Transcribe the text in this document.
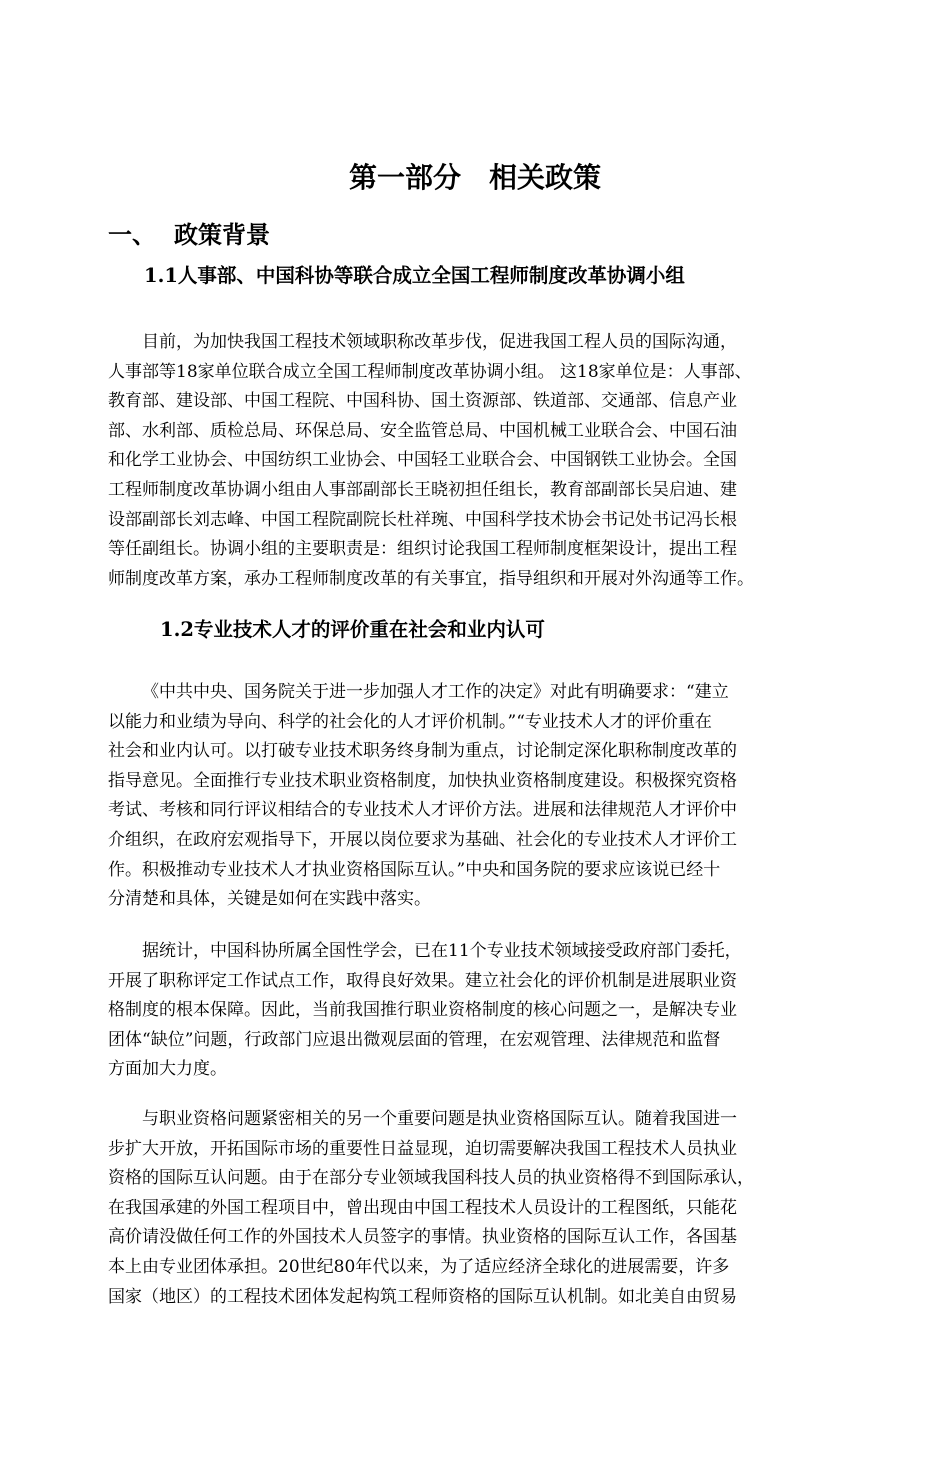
第一部分　相关政策
一、 政策背景
1.1人事部、中国科协等联合成立全国工程师制度改革协调小组
目前，为加快我国工程技术领域职称改革步伐，促进我国工程人员的国际沟通，
人事部等18家单位联合成立全国工程师制度改革协调小组。 这18家单位是：人事部、
教育部、建设部、中国工程院、中国科协、国土资源部、铁道部、交通部、信息产业
部、水利部、质检总局、环保总局、安全监管总局、中国机械工业联合会、中国石油
和化学工业协会、中国纺织工业协会、中国轻工业联合会、中国钢铁工业协会。全国
工程师制度改革协调小组由人事部副部长王晓初担任组长，教育部副部长吴启迪、建
设部副部长刘志峰、中国工程院副院长杜祥琬、中国科学技术协会书记处书记冯长根
等任副组长。协调小组的主要职责是：组织讨论我国工程师制度框架设计，提出工程
师制度改革方案，承办工程师制度改革的有关事宜，指导组织和开展对外沟通等工作。
1.2专业技术人才的评价重在社会和业内认可
《中共中央、国务院关于进一步加强人才工作的决定》对此有明确要求：“建立
以能力和业绩为导向、科学的社会化的人才评价机制。”“专业技术人才的评价重在
社会和业内认可。以打破专业技术职务终身制为重点，讨论制定深化职称制度改革的
指导意见。全面推行专业技术职业资格制度，加快执业资格制度建设。积极探究资格
考试、考核和同行评议相结合的专业技术人才评价方法。进展和法律规范人才评价中
介组织，在政府宏观指导下，开展以岗位要求为基础、社会化的专业技术人才评价工
作。积极推动专业技术人才执业资格国际互认。”中央和国务院的要求应该说已经十
分清楚和具体，关键是如何在实践中落实。
据统计，中国科协所属全国性学会，已在11个专业技术领域接受政府部门委托，
开展了职称评定工作试点工作，取得良好效果。建立社会化的评价机制是进展职业资
格制度的根本保障。因此，当前我国推行职业资格制度的核心问题之一，是解决专业
团体“缺位”问题，行政部门应退出微观层面的管理，在宏观管理、法律规范和监督
方面加大力度。
与职业资格问题紧密相关的另一个重要问题是执业资格国际互认。随着我国进一
步扩大开放，开拓国际市场的重要性日益显现，迫切需要解决我国工程技术人员执业
资格的国际互认问题。由于在部分专业领域我国科技人员的执业资格得不到国际承认，
在我国承建的外国工程项目中，曾出现由中国工程技术人员设计的工程图纸，只能花
高价请没做任何工作的外国技术人员签字的事情。执业资格的国际互认工作，各国基
本上由专业团体承担。20世纪80年代以来，为了适应经济全球化的进展需要，许多
国家（地区）的工程技术团体发起构筑工程师资格的国际互认机制。如北美自由贸易
